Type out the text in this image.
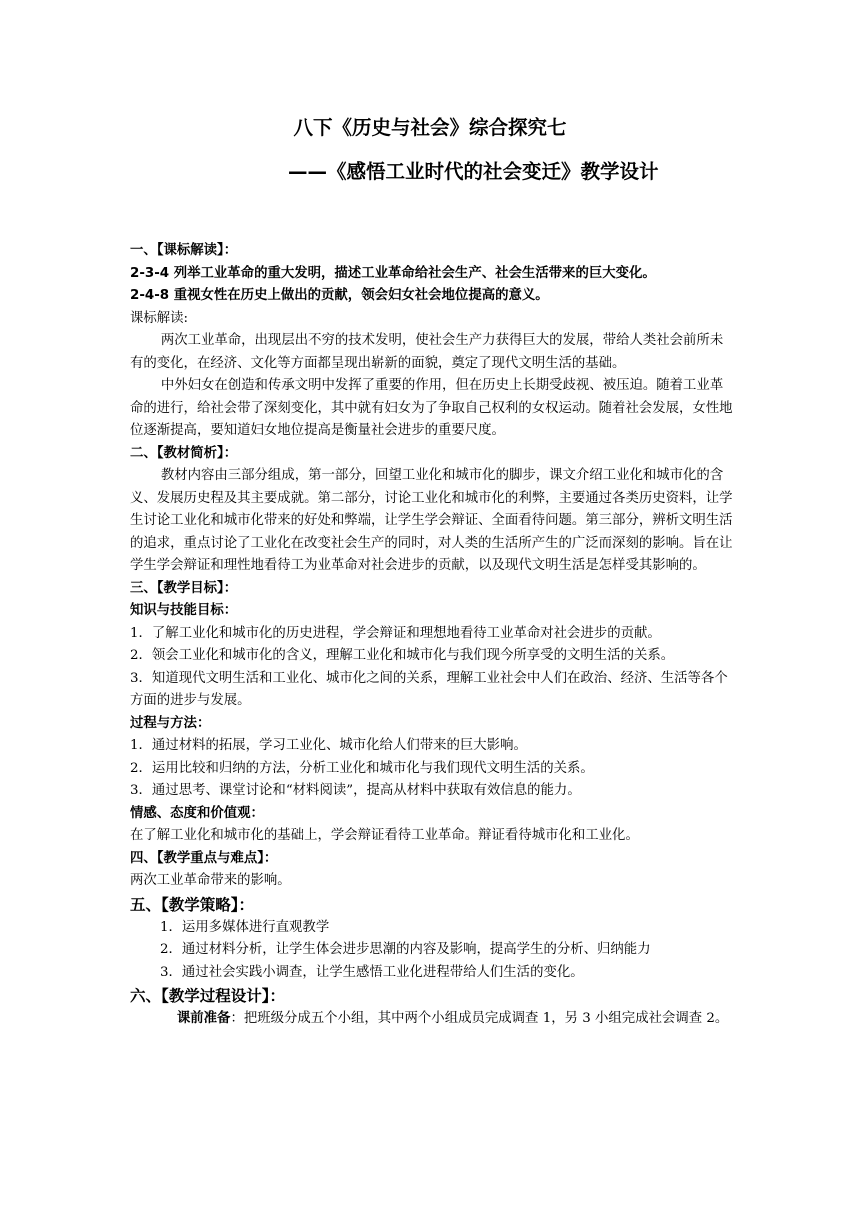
八下《历史与社会》综合探究七
——《感悟工业时代的社会变迁》教学设计

一、【课标解读】：

2-3-4 列举工业革命的重大发明，描述工业革命给社会生产、社会生活带来的巨大变化。

2-4-8 重视女性在历史上做出的贡献，领会妇女社会地位提高的意义。

课标解读:

两次工业革命，出现层出不穷的技术发明，使社会生产力获得巨大的发展，带给人类社会前所未有的变化，在经济、文化等方面都呈现出崭新的面貌，奠定了现代文明生活的基础。

中外妇女在创造和传承文明中发挥了重要的作用，但在历史上长期受歧视、被压迫。随着工业革命的进行，给社会带了深刻变化，其中就有妇女为了争取自己权利的女权运动。随着社会发展，女性地位逐渐提高，要知道妇女地位提高是衡量社会进步的重要尺度。

二、【教材简析】：

教材内容由三部分组成，第一部分，回望工业化和城市化的脚步，课文介绍工业化和城市化的含义、发展历史程及其主要成就。第二部分，讨论工业化和城市化的利弊，主要通过各类历史资料，让学生讨论工业化和城市化带来的好处和弊端，让学生学会辩证、全面看待问题。第三部分，辨析文明生活的追求，重点讨论了工业化在改变社会生产的同时，对人类的生活所产生的广泛而深刻的影响。旨在让学生学会辩证和理性地看待工为业革命对社会进步的贡献，以及现代文明生活是怎样受其影响的。

三、【教学目标】：

知识与技能目标：

1．了解工业化和城市化的历史进程，学会辩证和理想地看待工业革命对社会进步的贡献。

2．领会工业化和城市化的含义，理解工业化和城市化与我们现今所享受的文明生活的关系。

3．知道现代文明生活和工业化、城市化之间的关系，理解工业社会中人们在政治、经济、生活等各个方面的进步与发展。

过程与方法：

1．通过材料的拓展，学习工业化、城市化给人们带来的巨大影响。

2．运用比较和归纳的方法，分析工业化和城市化与我们现代文明生活的关系。

3．通过思考、课堂讨论和“材料阅读”，提高从材料中获取有效信息的能力。

情感、态度和价值观：

在了解工业化和城市化的基础上，学会辩证看待工业革命。辩证看待城市化和工业化。

四、【教学重点与难点】：

两次工业革命带来的影响。

五、【教学策略】：

1．运用多媒体进行直观教学

2．通过材料分析，让学生体会进步思潮的内容及影响，提高学生的分析、归纳能力

3．通过社会实践小调查，让学生感悟工业化进程带给人们生活的变化。

六、【教学过程设计】：

课前准备：把班级分成五个小组，其中两个小组成员完成调查 1，另 3 小组完成社会调查 2。
